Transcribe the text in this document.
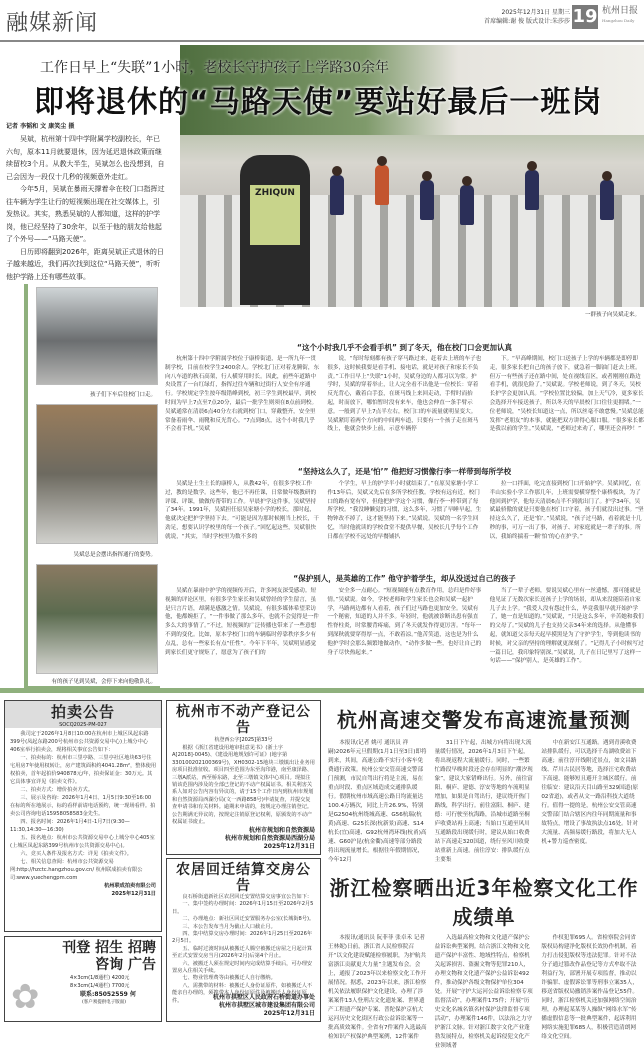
融媒新闻	2025年12月31日 星期三
首席编辑:谢 俊 版式设计:朱莎莎 19 杭州日报
Hangzhou Daily
ZHIQUN
工作日早上“失联”1小时，老校长守护孩子上学路30余年
即将退休的“马路天使”要站好最后一班岗
记者 李韬和 文 康笑尘 摄

吴斌，杭州第十四中学附属学校副校长，年已六旬，原本11月就要退休，因为延迟退休政策而继续留校3个月。从教大半生，吴斌怎么也没想到，自己会因为一段仅十几秒的视频意外走红。

今年5月，吴斌在暴雨天撑着伞在校门口指挥过往车辆为学生让行的短视频出现在社交媒体上，引发热议。其实，熟悉吴斌的人都知道，这样的护学岗，他已经坚持了30余年，以至于他的朋友给他起了个外号——“马路天使”。

日历即将翻到2026年，距离吴斌正式退休的日子越来越近，我们再次找到这位“马路天使”，听听他护学路上还有哪些故事。

一群孩子向吴斌走来。
孩子们下车后往校门口走。
吴斌总是会摆出指挥通行的姿势。
有的孩子见到吴斌，会停下来向他敬队礼。
“这个小时我几乎不会看手机” 到了冬天，他在校门口会更加认真
杭州第十四中学附属学校位于康桥街道，是一所九年一贯制学校，目前在校学生2400余人。学校北门正对着龙腾街，东向八车道的秋石高架，行人横穿用时长。因此，前些年道路中央设置了一台红绿灯，指挥过往车辆和过街行人安全有序通行。学校规定学生按年级错峰到校，初三学生到校最早，到校时间为早上7点至7点20分，最后一批学生则须在8点前到校。吴斌通常在清晨6点40分左右就到校门口，穿戴整齐，安全里常备着雨伞、雨靴和反光背心。“7点到8点，这个小时我几乎不会看手机。”吴斌
说，“每时每刻都有孩子穿马路过来，赶着去上班的车子也很多，这时候我要是看手机、接电话，就是对孩子和家长不负责。”工作日早上“失联”1小时，吴斌身边的人都习以为常。护学时，吴斌的穿着举止，让人完全看不出他是一位校长：穿着反光背心，戴着白手套，在斑马线上来回走动，手臂时而抬起，时而放下，哪怕暂时没有来车，他也会伸直一条手臂示意。一般到了早上7点半左右，校门口的车流量就明显变大。吴斌紧盯着两个方向的中间两车道，只要有一个孩子走在斑马线上，他就会快步上前，示意车辆停
下。“早高峰期间，校门口送孩子上学的车辆都是即停即走，很多家长把自己的孩子放下，就急着一脚油门赶去上班。但万一有些孩子还在路中间，处在视线盲区，或者刚刚在路边看手机，就很危险了。”吴斌说。学校老师说，到了冬天，吴校长护学会更加认真。“学校位置比较偏，加上天气冷，更多家长会选择开车接送孩子，所以冬天的早晨校门口往往更拥堵。”一位老师说，“吴校长知道这一点，所以丝毫不敢怠慢。”吴斌总能发挥“老朋友”的本事，就能把双方讲得心服口服。“很多家长都是我以前的学生。”吴斌说，“老师过来劝了，哪里还会再吵！”
“坚持这么久了，还是‘怕’” 他把好习惯像行李一样带到每所学校
吴斌是土生土长的康桥人，从教42年，在很多学校工作过，教的是数学。这些年，他已不再任课，日常做年级教研的评课、评课，做做传帮带的工作。早晨护学这件事，吴斌坚持了34年。1991年，吴斌担任原吴家塘小学的校长，那时起，他就决定把护学坚持下去。“可能是因为那时候刚当上校长，干劲足，想要认识学校里的每一个孩子。”回忆起这些，吴斌很快就说，“其实，当时学校里为数不多的
个学生，早上的护学半小时就结束了。”在原吴家塘小学工作13年后，吴斌又先后在多所学校任教。学校有远有近，校门口的路有宽有窄，但他把护学这个习惯，像行李一样带到了每所学校。“我没睡懒觉的习惯，这么多年，习惯了早睡早起，生物钟改不掉了，这才能坚持下来。”吴斌说。吴斌的一名学生回忆，当时他就读的学校食堂不提供早餐，吴校长几乎每个工作日都在学校不远处的早餐铺扒
拉一口拌面，吃完直接到校门口开始护学。吴斌回忆，在半山实验小学工作那几年，上班需要横穿整个康桥板块，为了他回到护学，他每天清晨6点半不到就出门了。护学34年，吴斌最骄傲的就是只要他在校门口守着，孩子们就没出过事。“坚持这么久了，还是‘怕’。”吴斌说，“孩子过马路，看着就是十几秒的事，可万一出了事，对孩子、对家庭就是一辈子的事。所以，我始终揣着一颗‘怕’的心在护学。”
“保护别人，是英雄的工作” 他守护着学生，却从没送过自己的孩子
吴斌在暴雨中护学的视频传开后，许多网友深受感动。短视频的评论区里，有很多学生家长和吴斌曾经的学生留言，虽是只言片语，却满是感激之情。吴斌说，有很多媒体希望采访他，他都婉拒了，“一件事做了那么多年，也就不会觉得是一件多么大的事情了。”不过，短视频的广泛传播也带来了一些意想不到的变化。比如，原本学校门口的车辆临时停靠秩序多少有点乱，总有一些家长有点“任性”。今年下半年，吴斌明显感觉到家长们更守规矩了，愿意为了孩子们的
安全多一点耐心。“短视频能有点教育作用，总归是件好事情。”吴斌说。如今，学校老师和学生家长也会和吴斌一起护学，马路两边都有人看着，孩子们过马路也更加安全。吴斌有一个秘密，知道的人并不多。年轻时，他就被诊断出患有强直性脊柱炎，时常腰背疼痛，到了冬天就发作得更厉害。“每年一到深秋就要穿得厚一点，不敢着凉。”他苦笑道，这也是为什么他护学时会那么频繁地做动作，“动作多做一些，也好让自己的身子尽快热起来。”
当了一辈子老师，要说吴斌心里有一丝遗憾，那可能就是他见证了无数次家长送孩子上学的场景，却从来没能陪着自家儿子去上学。“我爱人没有怨过什么，毕竟我很早就开始护学了，她一直是知道的。”吴斌说，“只是这么多年，辛苦她和我们的父母了。”吴斌的儿子也支持父亲34年来的选择。从他懂事起，就知道父亲每天起早摸黑是为了守护学生，等到他读书的时候，对父亲的坚持的理解就更深刻了。“记得儿子小时候写过一篇日记，我印象特别深。”吴斌说，儿子在日记里写了这样一句话——“保护别人，是英雄的工作”。
拍卖公告
SOCQ2025-PM-027
我司定于2026年1月8日10:00在杭州市上城区凤起东路399号(凤起东路200号杭州市公共资源交易中心)上城分中心406室举行拍卖会，现将相关事宜公告如下：
一、拍卖标的：杭州市三里亭路、三里亭社区地块63号住宅用房7年使用权转让，房产建筑面积约4041.28m²，整体使用权拍卖，首年起拍价940878元/年，拍卖保证金：30万元。其它具体事宜详见《拍卖文件》。
二、拍卖方式：增价拍卖方式。
三、展示及咨询：2026年1月4日、1月5日9:30至16:00在标的所在地展示，标的看样前请电话预约，统一现场看样。拍卖公司咨询电话15958058583金先生。
四、报名时间：2026年1月4日-1月7日(9:30—11:30,14:30—16:30)
五、报名地点：杭州市公共资源交易中心上城分中心405室(上城区凤起东路399号杭州市公共资源交易中心)。
六、竞买人条件及报名方式：详见《拍卖文件》。
七、相关信息查阅：杭州市公共资源交易网:http://hzctc.hangzhou.gov.cn/ 杭州联成拍卖有限公司:www.yuechengpm.com
杭州联成拍卖有限公司
2025年12月31日
✿
刊登 招生 招聘
咨询 广告
4×3cm(1/8通栏) 4200元
8×3cm(1/4通栏) 7700元
联系:85052559 何
(客户须提供电子版面)
杭州市不动产登记公告
杭登西公字[2025]第33号
根据《浙江省建设用地审批意见书》(浙土字A[2018]-0045)、《建设用地规划许可证》(地字第330100202100369号)，XH0302-15地块三墩镇出让业务用房项目批准征收。项目四至范围为东至沟印港，南至康泽路、三墩A派站，西至桥东路，北至三墩镇文体中心项目。现拟注销该范围内涉及的全部已登记的不动产权属证书。相关利害关系人如对公告内容有异议的，请于15个工作日内到杭州市规划和自然资源局西湖分局(文一西路858号)申请复查，并提交复查申请书和有关材料。逾期未申请的，按规定办理注销登记。公告期满无异议的，按规定注销原登记权利，原颁发的不动产权属证书废止。
杭州市规划和自然资源局
杭州市规划和自然资源局西湖分局
2025年12月31日
农居回迁结算交房公告
良石桥街道新社区农居回迁安置结算交房事宜公告如下：
一、集中签约办理时间：2026年1月15日至2026年2月5日。
二、办理地点：新社区回迁安置服务办公室(长城街8号)。
三、本公告发布当月为截止人口截止月。
四、集中结算交房办理时间：2026年1月25日至2026年2月5日。
五、临时过渡时间从被搬迁人腾空被搬迁房屋之月起计算至正式安置交房当月(2026年2月)后第4个月止。
六、被搬迁人须在规定时间内完成结算手续后，可办理安置房入住相关手续。
七、物业管理费等由被搬迁人自行缴纳。
八、需携带的材料：被搬迁人身份证原件，如被搬迁人不能亲自办理的，须携带本人身份证原件及被搬迁人身份证原件。	杭州市拱墅区人民政府石桥街道办事处
杭州市拱墅区城市建设集团有限公司
2025年12月31日
杭州高速交警发布高速流量预测
本报讯(记者 姚可 通讯员 祥嗣)2026年元旦假期(1月1日至3日)即将到来，其间，高速公路不实行小客车免费通行政策。杭州公安交管高速交警部门预测，市民自驾出行将是主流，易在重点时段、重点区域造成交通排队缓行。假期杭州市域高速公路日均流量达100.4万辆次，同比上升26.9%，特别是G2504杭州绕城高速、G56杭瑞(杭黄)高速、G25长深(杭新景)高速、S14杭长(宜)高速、G92杭州湾环线(杭甬)高速、G60沪昆(杭金衢)高速等部分路段将出现流量增长。根据往年假期情况，今年12月
31日下午起，出城方向将出现大流量缓行情况，2026年1月3日下午起，将出现返程大流量缓行。同时，一些繁忙路段早晚时段还会存在明显的“潮汐现象”，建议大家错峰出行。另外，前往富阳、桐庐、建德、淳安等地的车流明显增加，如果是自驾出行，建议绕开热门路线，科学出行。前往富阳、桐庐、建德：可行驶至杭海路，沿城市道路至桐庐收费站再上高速；当始口互通至风川互通路段出现缓行时，建议从始口收费站下高速走320国道，绕行至风川收费站重新上高速。前往淳安：排队缓行点主要集
中在新安江互通路。遇到青溪收费站排队缓行，可以选择千岛湖收费站下高速；前往淳开线附近景点，如文昌路线、芹川古民居等地，选择汪宅收费站下高速，能够短且避开主城区缓行。前往临安：建议沿天目山路至329国道(原02省道)，或者从文一路沿科技大道绕行。值得一提的是，杭州公安交管高速交警部门结合辖区内往年同期流量和事故特点，增设了事故执法点16处。针对大流量、高频易缓行路段，将加大无人机+警力巡查密度。
浙江检察晒出近3年检察文化工作成绩单
本报讯(通讯员 阮菲菲 张卓禾 记者 王林妮)日前，浙江省人民检察院召开“以文化建设赋能检察履职，为护航共富浙江贡献更大力量”主题发布会。会上，通报了2023年以来检察文化工作开展情况。据悉，2023年以来，浙江检察机关依法履职保护文化建设，办理了涉案案件13人登刑古文化遗址案、世界遗产工程遗产保护专案、普陀保护京杭大运河历史文化街区行政公益诉讼案等一批高质效案件。全省有7件案件入选最高检知识产权保护典型案例，12件案件
入选最高检文物和文化遗产保护公益诉讼典型案例。结合浙江文物和文化遗产保护丰富性、地域性特点，检察机关起诉损害、盗掘文物等犯罪210人，办理文物和文化遗产保护公益诉讼492件，推动保护各级文物保护单位304处。开展“守护大运河公益诉讼检察专项监督活动”，办理案件175件；开展“历史文化名城名镇名村保护法律监督专项活动”，办理案件146件，以法治之力守护浙江文脉。针对浙江数字文化产业蓬勃发展特点，检察机关起诉侵犯文化产业领域著
作权犯罪695人。省检察院会同省版权局构建净化版权长效协作机制，着力打击侵犯版权等违法犯罪。针对不法分子通过篡改作品登记等方式牟取不法利益行为，部署开展专项监督，推动以诈骗罪、虚假诉讼罪等刑事立案35人，移送省版权局撤销涉案作品登记55件。同时，浙江检察机关还加强网络空间治理，办理起某某等人操纵“网络水军”传播虚假信息等一批典型案件，起诉利用网络实施犯罪685人，积极营造清朗网络文化空间。
